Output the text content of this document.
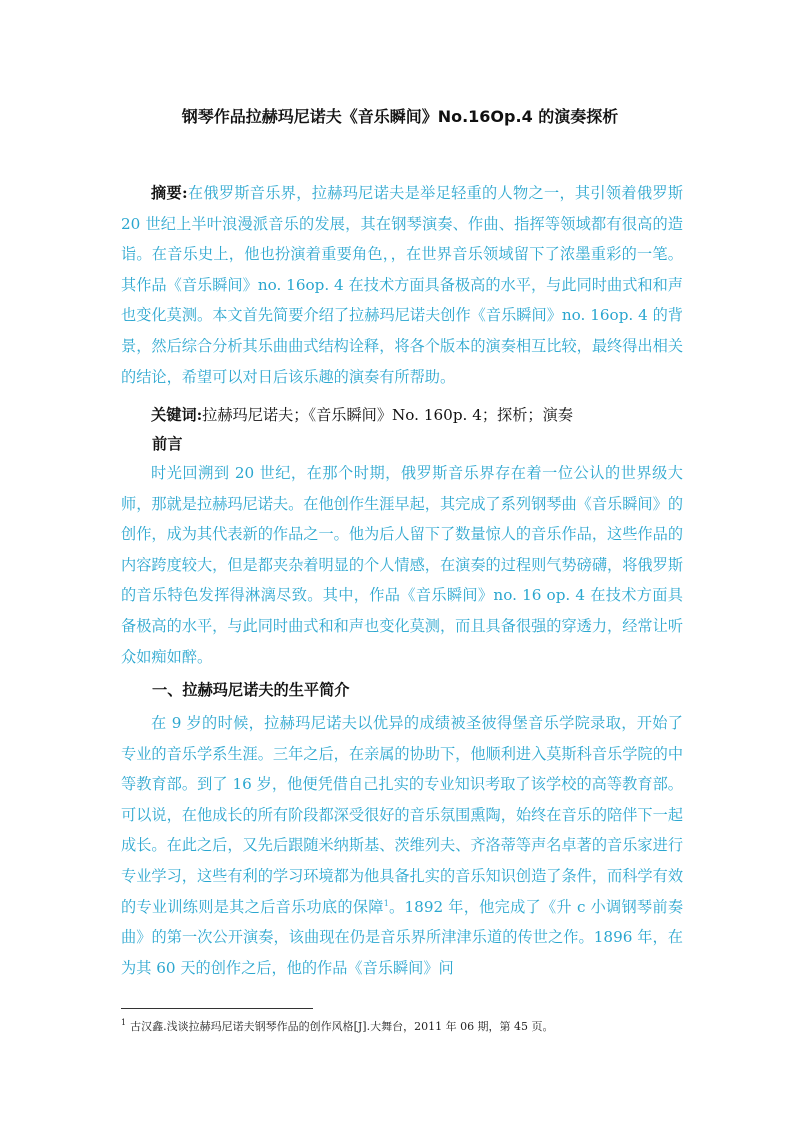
钢琴作品拉赫玛尼诺夫《音乐瞬间》No.16Op.4 的演奏探析

摘要:在俄罗斯音乐界，拉赫玛尼诺夫是举足轻重的人物之一，其引领着俄罗斯 20 世纪上半叶浪漫派音乐的发展，其在钢琴演奏、作曲、指挥等领域都有很高的造诣。在音乐史上，他也扮演着重要角色，，在世界音乐领域留下了浓墨重彩的一笔。其作品《音乐瞬间》no. 16op. 4 在技术方面具备极高的水平，与此同时曲式和和声也变化莫测。本文首先简要介绍了拉赫玛尼诺夫创作《音乐瞬间》no. 16op. 4 的背景，然后综合分析其乐曲曲式结构诠释，将各个版本的演奏相互比较，最终得出相关的结论，希望可以对日后该乐趣的演奏有所帮助。

关键词:拉赫玛尼诺夫；《音乐瞬间》No. 160p. 4；探析；演奏

前言

时光回溯到 20 世纪，在那个时期，俄罗斯音乐界存在着一位公认的世界级大师，那就是拉赫玛尼诺夫。在他创作生涯早起，其完成了系列钢琴曲《音乐瞬间》的创作，成为其代表新的作品之一。他为后人留下了数量惊人的音乐作品，这些作品的内容跨度较大，但是都夹杂着明显的个人情感，在演奏的过程则气势磅礴，将俄罗斯的音乐特色发挥得淋漓尽致。其中，作品《音乐瞬间》no. 16 op. 4 在技术方面具备极高的水平，与此同时曲式和和声也变化莫测，而且具备很强的穿透力，经常让听众如痴如醉。

一、拉赫玛尼诺夫的生平简介

在 9 岁的时候，拉赫玛尼诺夫以优异的成绩被圣彼得堡音乐学院录取，开始了专业的音乐学系生涯。三年之后，在亲属的协助下，他顺利进入莫斯科音乐学院的中等教育部。到了 16 岁，他便凭借自己扎实的专业知识考取了该学校的高等教育部。可以说，在他成长的所有阶段都深受很好的音乐氛围熏陶，始终在音乐的陪伴下一起成长。在此之后，又先后跟随米纳斯基、茨维列夫、齐洛蒂等声名卓著的音乐家进行专业学习，这些有利的学习环境都为他具备扎实的音乐知识创造了条件，而科学有效的专业训练则是其之后音乐功底的保障$^1$。1892 年，他完成了《升 c 小调钢琴前奏曲》的第一次公开演奏，该曲现在仍是音乐界所津津乐道的传世之作。1896 年，在为其 60 天的创作之后，他的作品《音乐瞬间》问

$^1$ 古汉鑫.浅谈拉赫玛尼诺夫钢琴作品的创作风格[J].大舞台，2011 年 06 期，第 45 页。
